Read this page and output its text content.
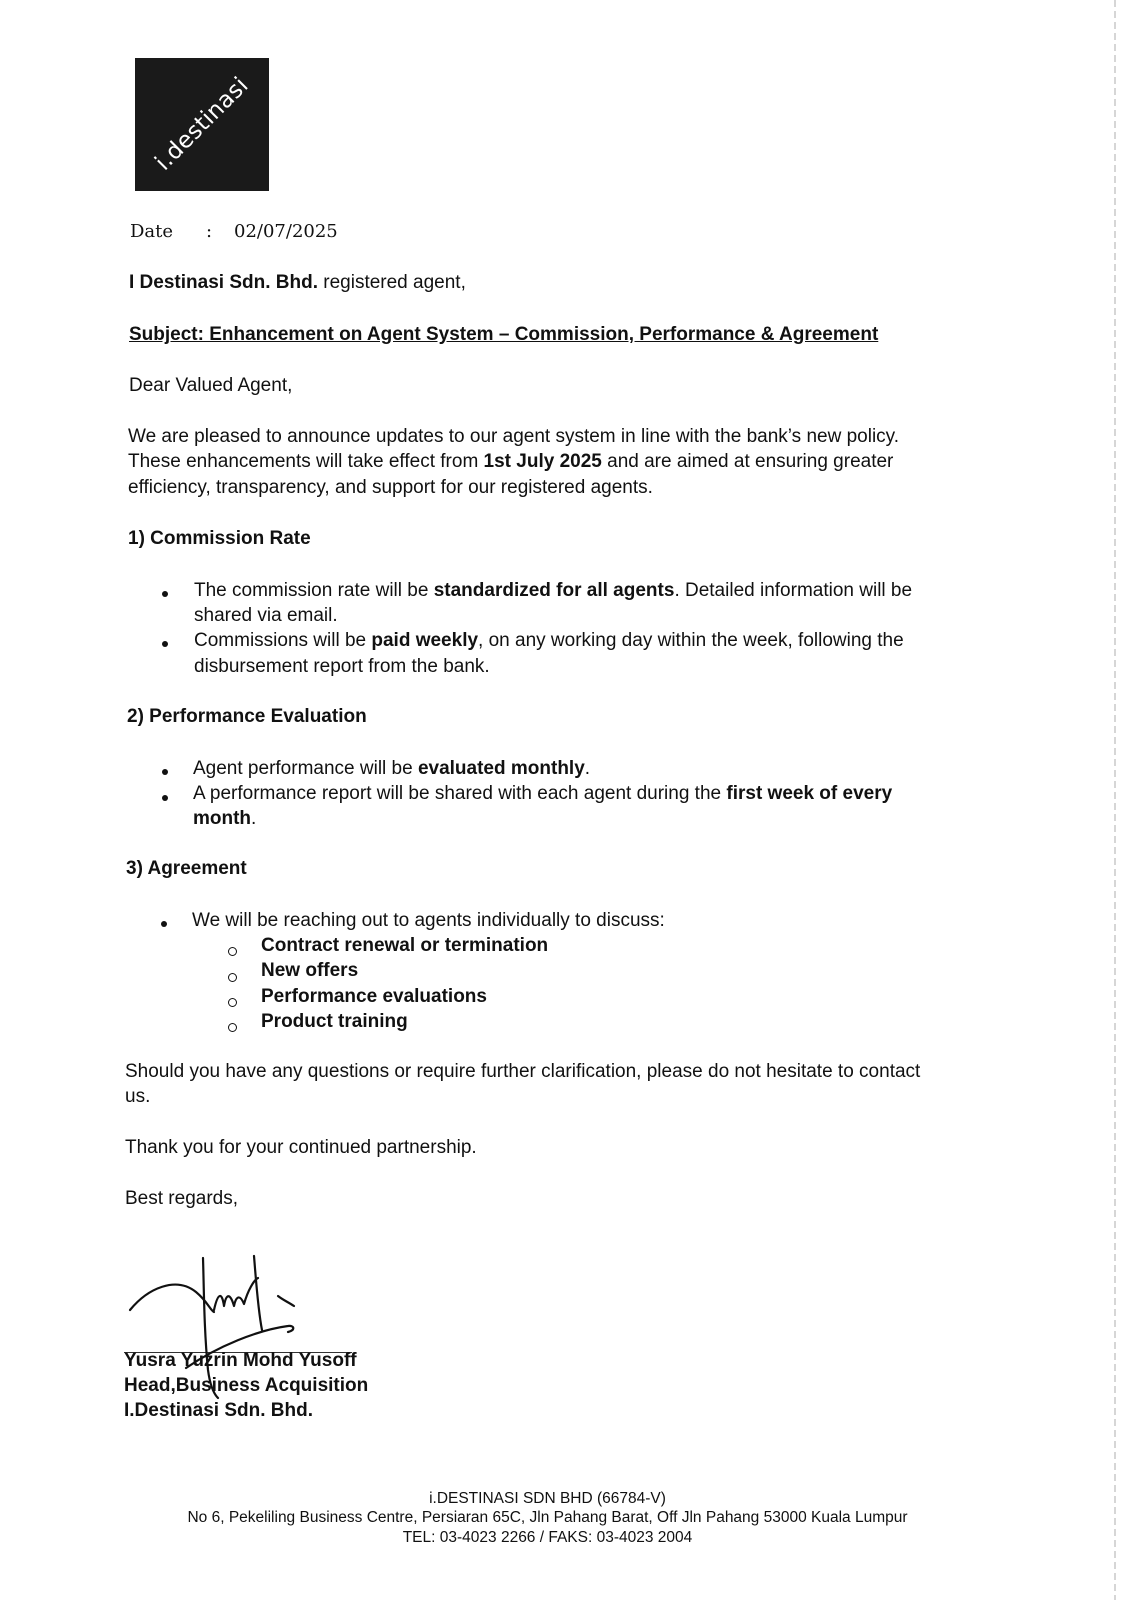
i.destinasi
Date : 02/07/2025
I Destinasi Sdn. Bhd. registered agent,
Subject: Enhancement on Agent System – Commission, Performance & Agreement
Dear Valued Agent,
We are pleased to announce updates to our agent system in line with the bank’s new policy.
These enhancements will take effect from 1st July 2025 and are aimed at ensuring greater
efficiency, transparency, and support for our registered agents.
1) Commission Rate
The commission rate will be standardized for all agents. Detailed information will be
shared via email.
Commissions will be paid weekly, on any working day within the week, following the
disbursement report from the bank.
2) Performance Evaluation
Agent performance will be evaluated monthly.
A performance report will be shared with each agent during the first week of every
month.
3) Agreement
We will be reaching out to agents individually to discuss:
Contract renewal or termination
New offers
Performance evaluations
Product training
Should you have any questions or require further clarification, please do not hesitate to contact
us.
Thank you for your continued partnership.
Best regards,
Yusra Yuzrin Mohd Yusoff
Head,Business Acquisition
I.Destinasi Sdn. Bhd.
i.DESTINASI SDN BHD (66784-V)
No 6, Pekeliling Business Centre, Persiaran 65C, Jln Pahang Barat, Off Jln Pahang 53000 Kuala Lumpur
TEL: 03-4023 2266 / FAKS: 03-4023 2004
